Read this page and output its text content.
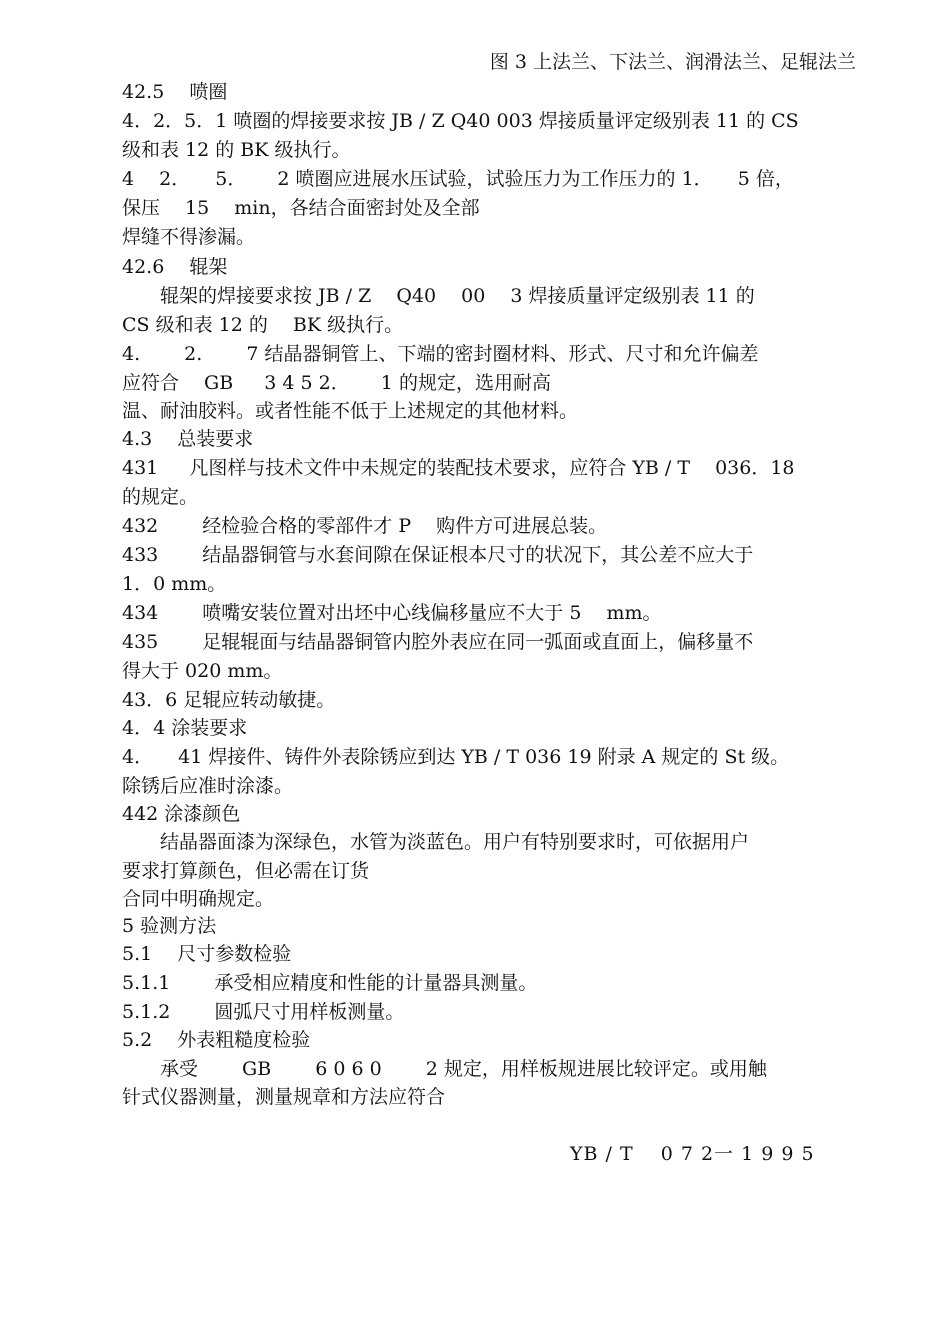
图 3 上法兰、下法兰、润滑法兰、足辊法兰
42.5 　喷圈
4．2．5．1 喷圈的焊接要求按 JB / Z Q40 003 焊接质量评定级别表 11 的 CS
级和表 12 的 BK 级执行。
4 　2． 　5． 　 2 喷圈应进展水压试验，试验压力为工作压力的 1． 　5 倍，
保压 　15 　min，各结合面密封处及全部
焊缝不得渗漏。
42.6 　辊架
　　辊架的焊接要求按 JB / Z 　Q40 　00 　3 焊接质量评定级别表 11 的
CS 级和表 12 的 　BK 级执行。
4. 　　2. 　　7 结晶器铜管上、下端的密封圈材料、形式、尺寸和允许偏差
应符合 　GB 　 3 4 5 2． 　 1 的规定，选用耐高
温、耐油胶料。或者性能不低于上述规定的其他材料。
4.3 　总装要求
431 　 凡图样与技术文件中未规定的装配技术要求，应符合 YB / T 　036．18
的规定。
432 　　经检验合格的零部件才 P 　购件方可进展总装。
433 　　结晶器铜管与水套间隙在保证根本尺寸的状况下，其公差不应大于
1．0 mm。
434 　　喷嘴安装位置对出坯中心线偏移量应不大于 5 　mm。
435 　　足辊辊面与结晶器铜管内腔外表应在同一弧面或直面上，偏移量不
得大于 020 mm。
43．6 足辊应转动敏捷。
4．4 涂装要求
4． 　41 焊接件、铸件外表除锈应到达 YB / T 036 19 附录 A 规定的 St 级。
除锈后应准时涂漆。
442 涂漆颜色
　　结晶器面漆为深绿色，水管为淡蓝色。用户有特别要求时，可依据用户
要求打算颜色，但必需在订货
合同中明确规定。
5 验测方法
5.1 　尺寸参数检验
5.1.1 　　承受相应精度和性能的计量器具测量。
5.1.2 　　圆弧尺寸用样板测量。
5.2 　外表粗糙度检验
　　承受 　　GB 　　6 0 6 0 　　2 规定，用样板规进展比较评定。或用触
针式仪器测量，测量规章和方法应符合
YB / T 　0 7 2一 1 9 9 5
